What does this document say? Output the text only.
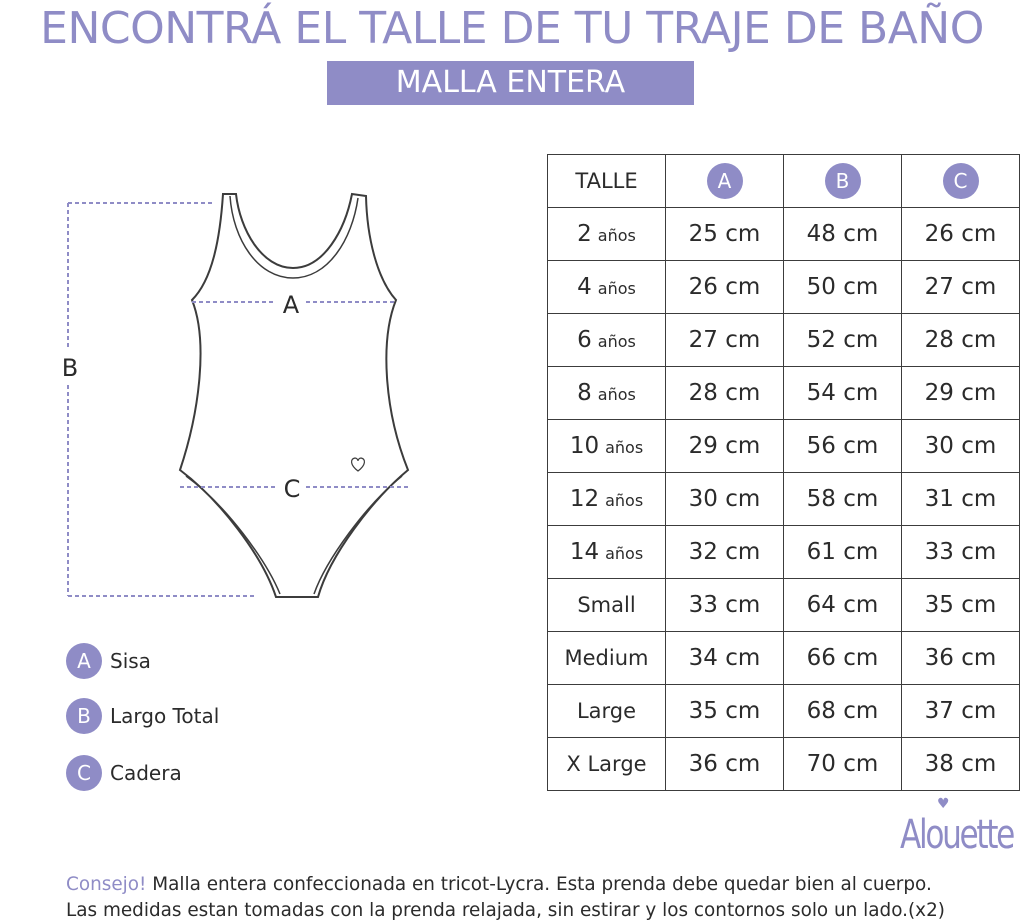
ENCONTRÁ EL TALLE DE TU TRAJE DE BAÑO
MALLA ENTERA
A
B
C
A Sisa
B Largo Total
C Cadera
TALLE	A	B	C
2 años	25 cm	48 cm	26 cm
4 años	26 cm	50 cm	27 cm
6 años	27 cm	52 cm	28 cm
8 años	28 cm	54 cm	29 cm
10 años	29 cm	56 cm	30 cm
12 años	30 cm	58 cm	31 cm
14 años	32 cm	61 cm	33 cm
Small	33 cm	64 cm	35 cm
Medium	34 cm	66 cm	36 cm
Large	35 cm	68 cm	37 cm
X Large	36 cm	70 cm	38 cm
♥
Alouette
Consejo! Malla entera confeccionada en tricot-Lycra. Esta prenda debe quedar bien al cuerpo.
Las medidas estan tomadas con la prenda relajada, sin estirar y los contornos solo un lado.(x2)
